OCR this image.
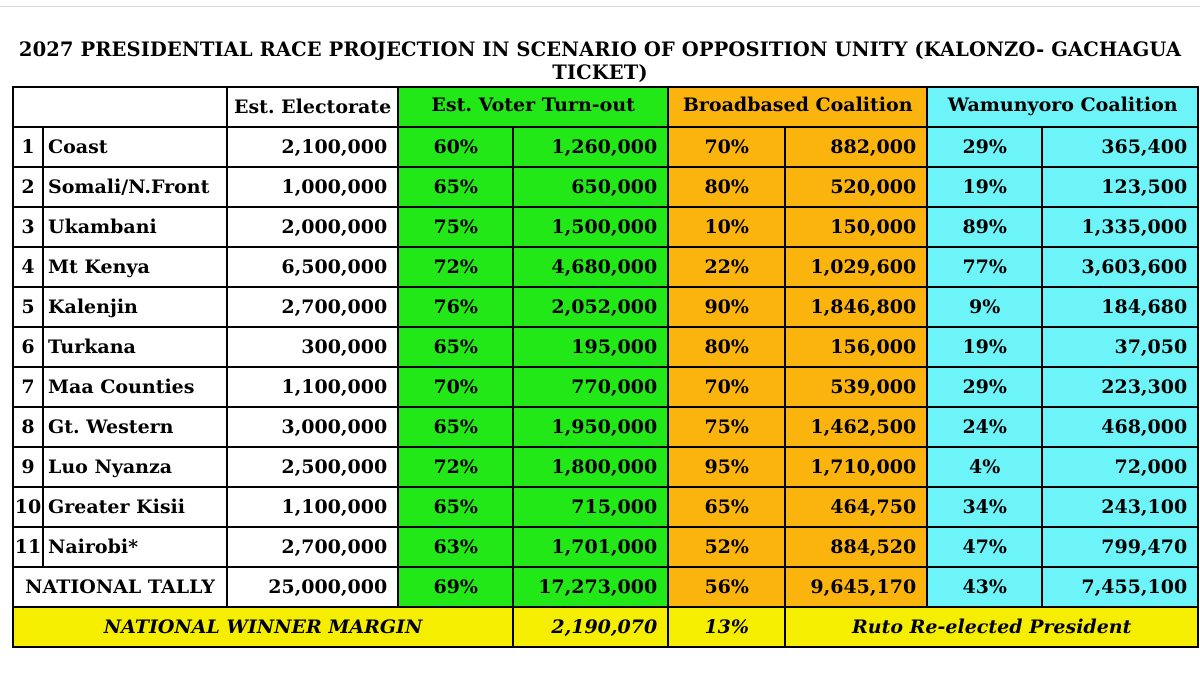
2027 PRESIDENTIAL RACE PROJECTION IN SCENARIO OF OPPOSITION UNITY (KALONZO- GACHAGUA TICKET)
		Est. Electorate	Est. Voter Turn-out		Broadbased Coalition		Wamunyoro Coalition	
1	Coast	2,100,000	60%	1,260,000	70%	882,000	29%	365,400
2	Somali/N.Front	1,000,000	65%	650,000	80%	520,000	19%	123,500
3	Ukambani	2,000,000	75%	1,500,000	10%	150,000	89%	1,335,000
4	Mt Kenya	6,500,000	72%	4,680,000	22%	1,029,600	77%	3,603,600
5	Kalenjin	2,700,000	76%	2,052,000	90%	1,846,800	9%	184,680
6	Turkana	300,000	65%	195,000	80%	156,000	19%	37,050
7	Maa Counties	1,100,000	70%	770,000	70%	539,000	29%	223,300
8	Gt. Western	3,000,000	65%	1,950,000	75%	1,462,500	24%	468,000
9	Luo Nyanza	2,500,000	72%	1,800,000	95%	1,710,000	4%	72,000
10	Greater Kisii	1,100,000	65%	715,000	65%	464,750	34%	243,100
11	Nairobi*	2,700,000	63%	1,701,000	52%	884,520	47%	799,470
NATIONAL TALLY		25,000,000	69%	17,273,000	56%	9,645,170	43%	7,455,100
NATIONAL WINNER MARGIN				2,190,070	13%	Ruto Re-elected President		
